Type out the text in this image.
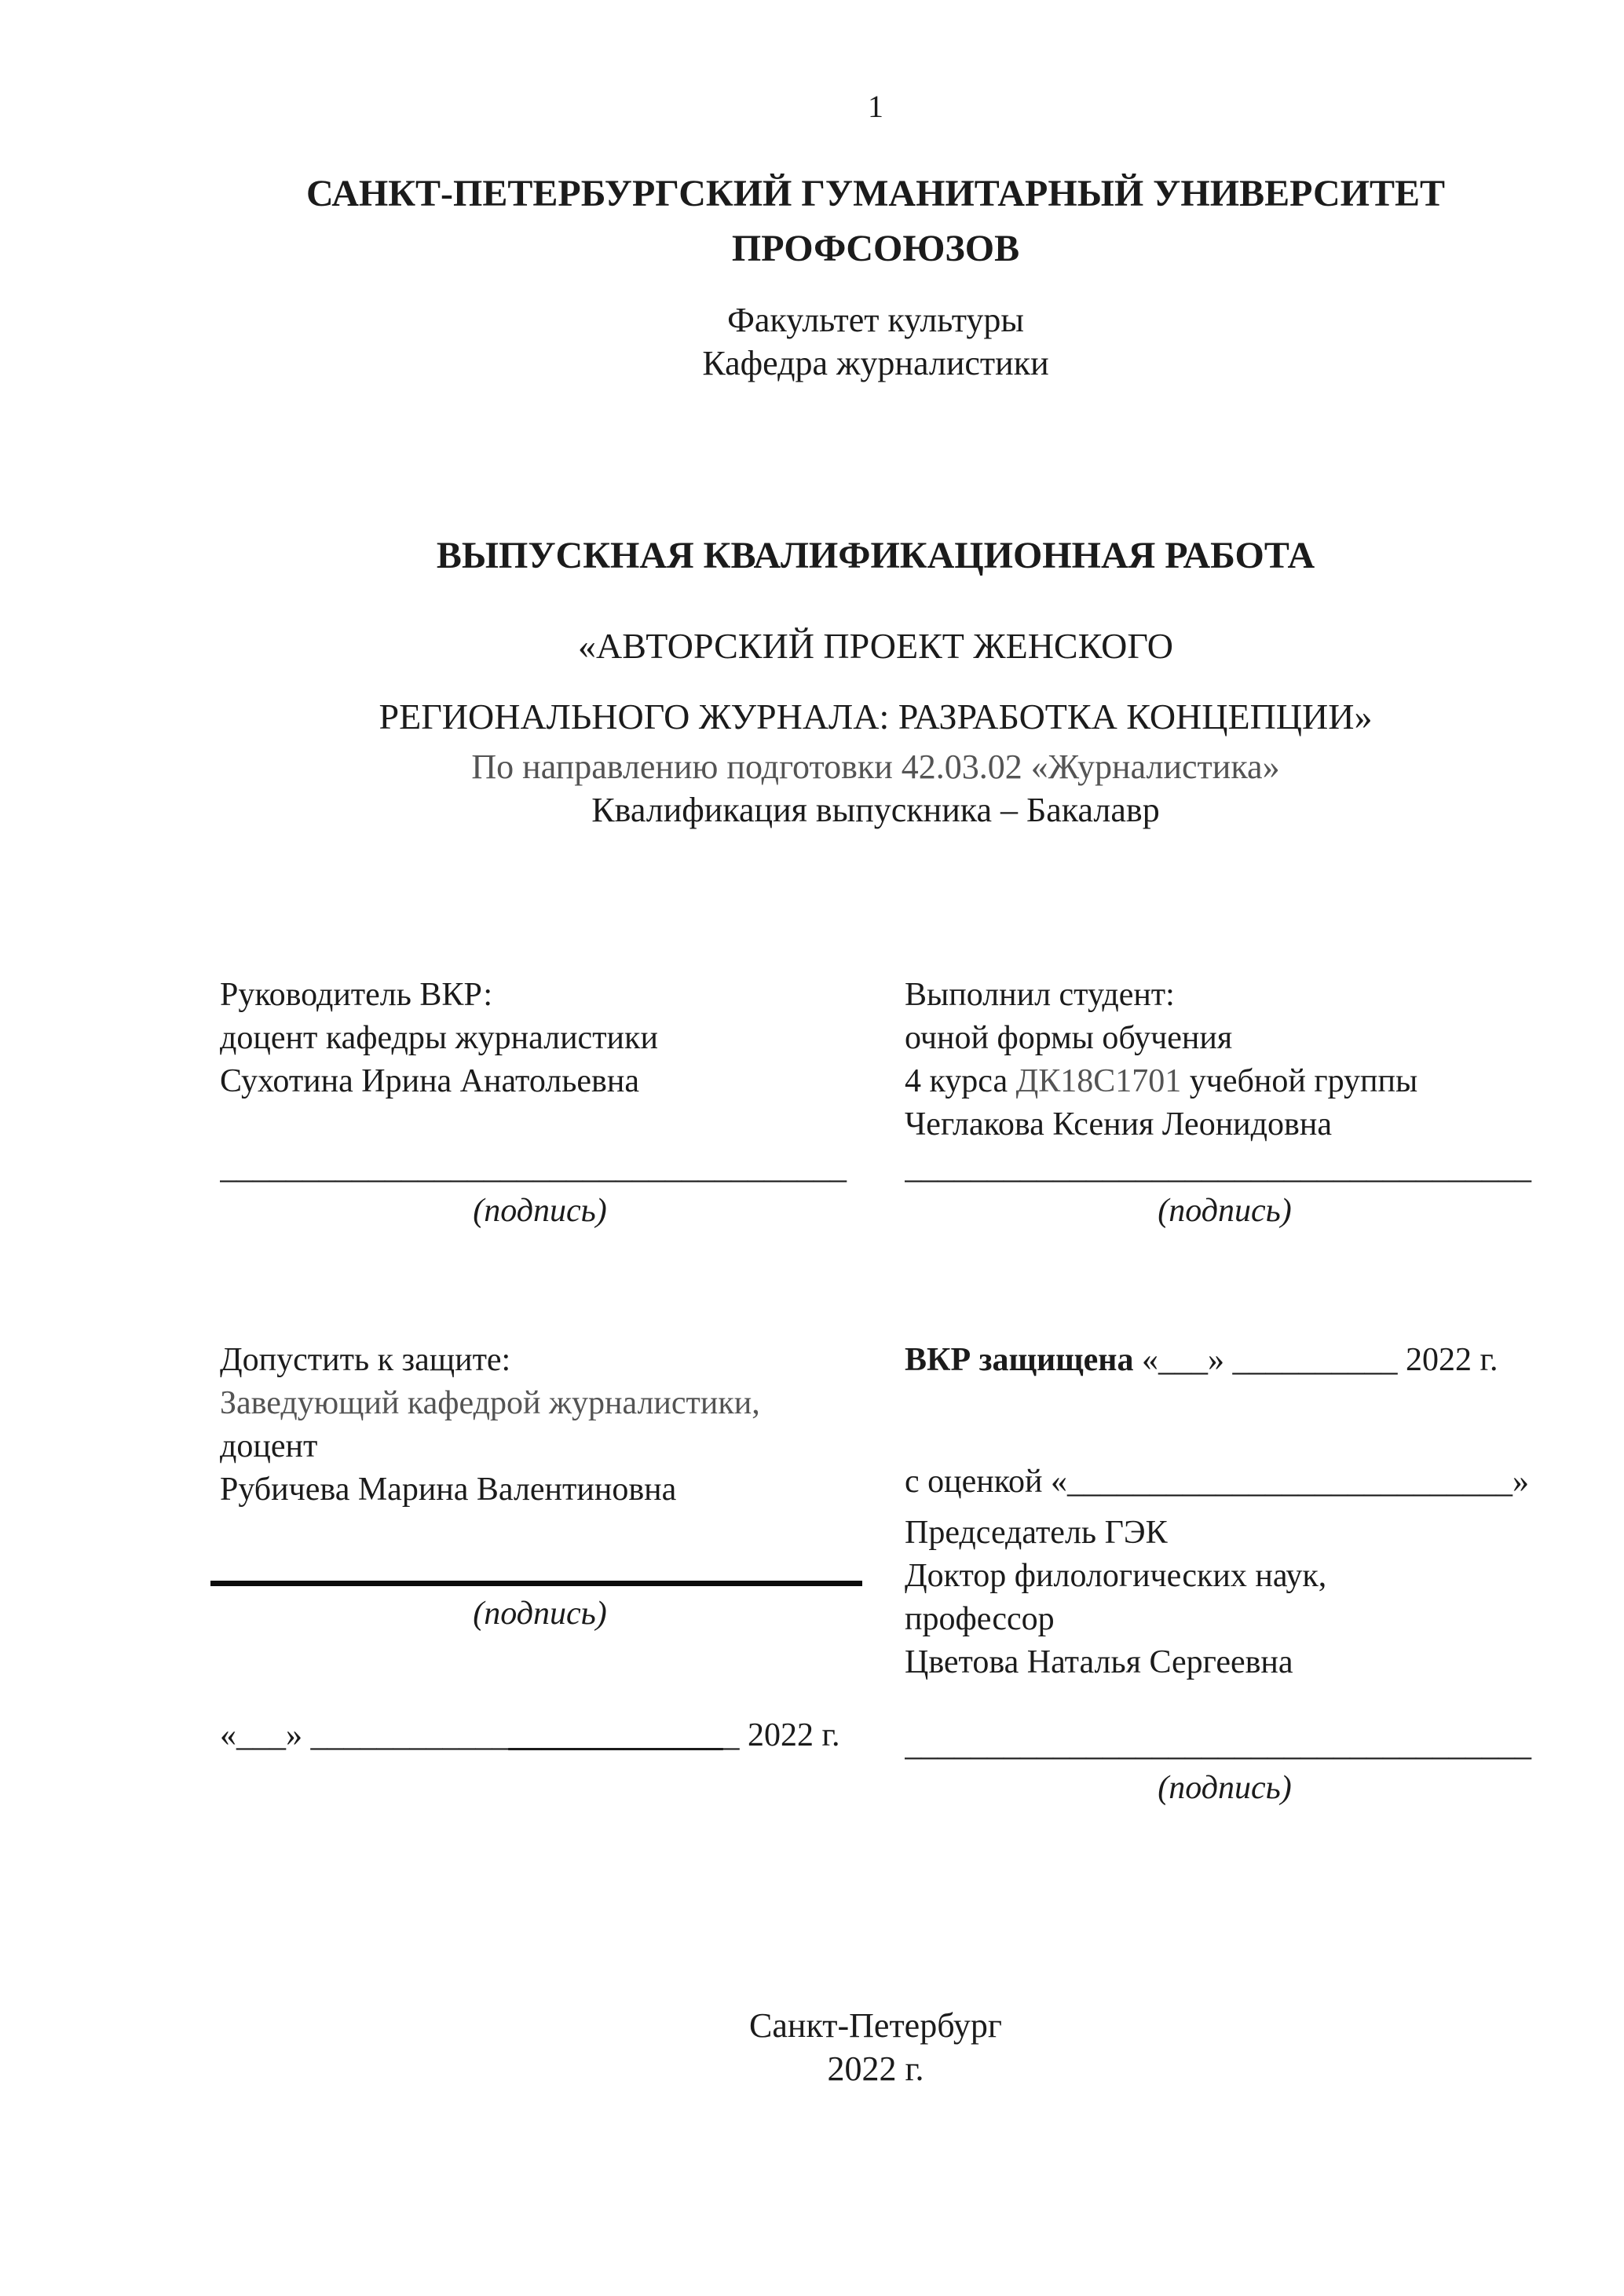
1
САНКТ-ПЕТЕРБУРГСКИЙ ГУМАНИТАРНЫЙ УНИВЕРСИТЕТ
ПРОФСОЮЗОВ
Факультет культуры
Кафедра журналистики
ВЫПУСКНАЯ КВАЛИФИКАЦИОННАЯ РАБОТА
«АВТОРСКИЙ ПРОЕКТ ЖЕНСКОГО
РЕГИОНАЛЬНОГО ЖУРНАЛА: РАЗРАБОТКА КОНЦЕПЦИИ»
По направлению подготовки 42.03.02 «Журналистика»
Квалификация выпускника – Бакалавр
Руководитель ВКР:
доцент кафедры журналистики
Сухотина Ирина Анатольевна
______________________________________
(подпись)
Допустить к защите:
Заведующий кафедрой журналистики,
доцент
Рубичева Марина Валентиновна
(подпись)
«___» __________________________ 2022 г.
Выполнил студент:
очной формы обучения
4 курса ДК18С1701 учебной группы
Чеглакова Ксения Леонидовна
______________________________________
(подпись)
ВКР защищена «___» __________ 2022 г.
с оценкой «___________________________»
Председатель ГЭК
Доктор филологических наук,
профессор
Цветова Наталья Сергеевна
______________________________________
(подпись)
Санкт-Петербург
2022 г.
